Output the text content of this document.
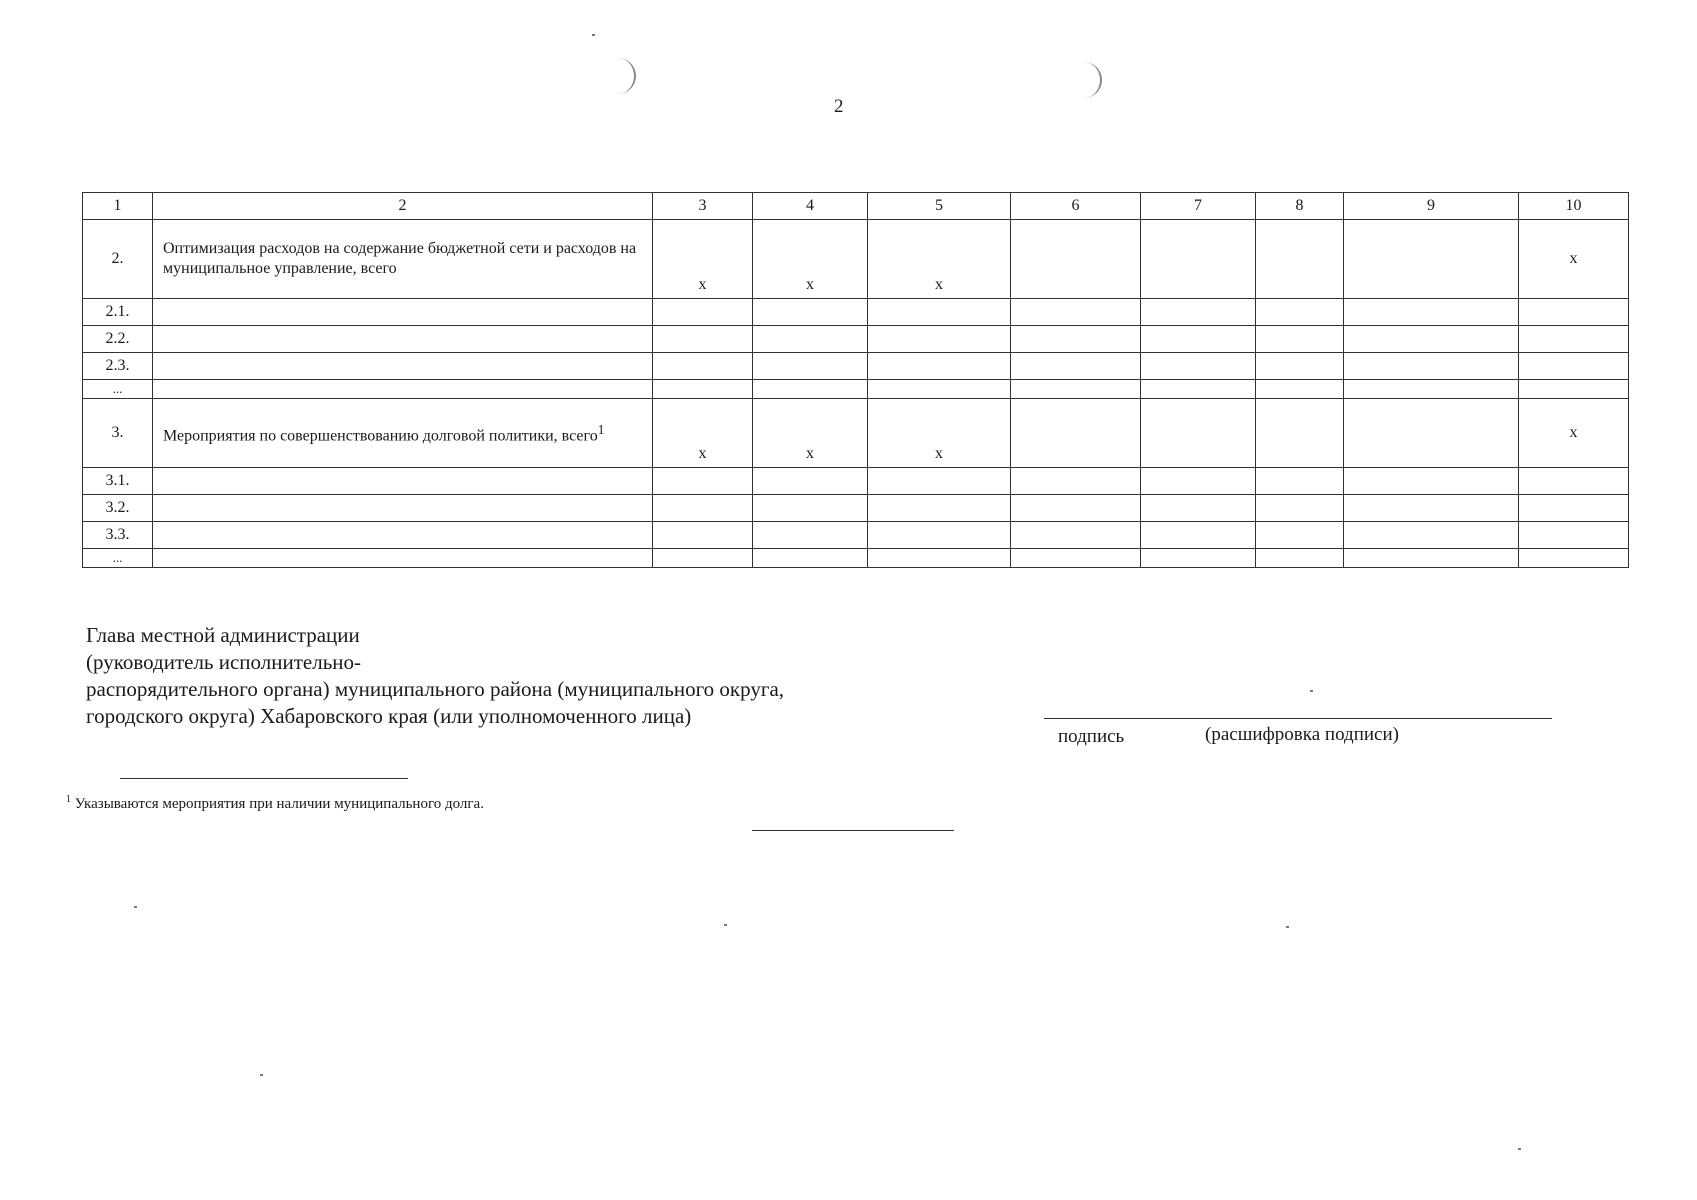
2
1	2	3	4	5	6	7	8	9	10
2.	Оптимизация расходов на содержание бюджетной сети и расходов на муниципальное управление, всего	x	x	x					x
2.1.									
2.2.									
2.3.									
...									
3.	Мероприятия по совершенствованию долговой политики, всего$^1$	x	x	x					x
3.1.									
3.2.									
3.3.									
...									
Глава местной администрации
(руководитель исполнительно-
распорядительного органа) муниципального района (муниципального округа,
городского округа) Хабаровского края (или уполномоченного лица)
подпись	(расшифровка подписи)
$^1$ Указываются мероприятия при наличии муниципального долга.
